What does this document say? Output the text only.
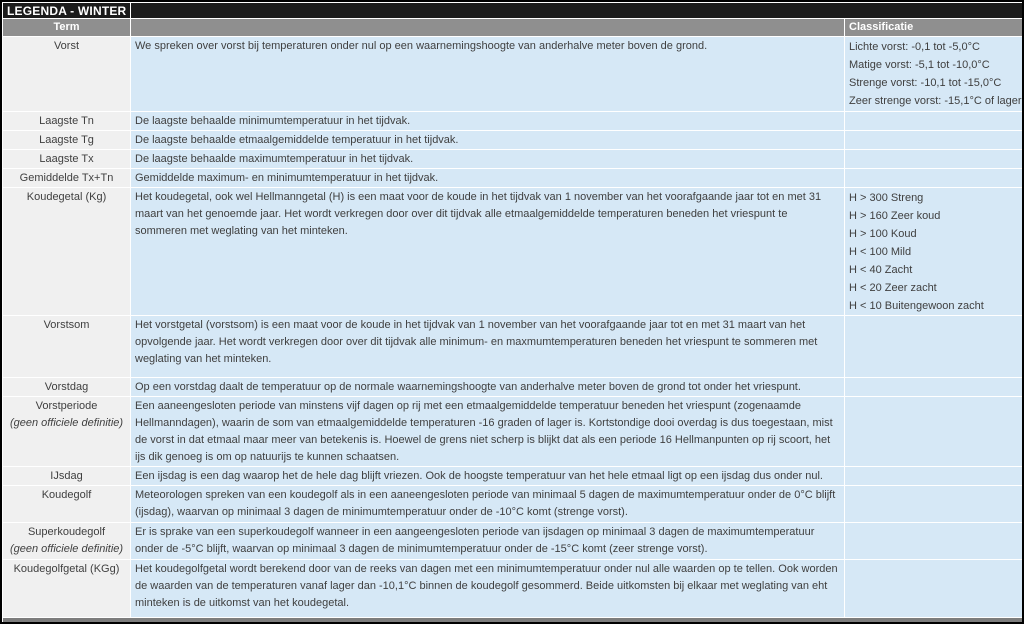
LEGENDA - WINTER		
Term		Classificatie

Vorst	We spreken over vorst bij temperaturen onder nul op een waarnemingshoogte van anderhalve meter boven de grond.	Lichte vorst: -0,1 tot -5,0°C
Matige vorst: -5,1 tot -10,0°C
Strenge vorst: -10,1 tot -15,0°C
Zeer strenge vorst: -15,1°C of lager

Laagste Tn	De laagste behaalde minimumtemperatuur in het tijdvak.	

Laagste Tg	De laagste behaalde etmaalgemiddelde temperatuur in het tijdvak.	

Laagste Tx	De laagste behaalde maximumtemperatuur in het tijdvak.	

Gemiddelde Tx+Tn	Gemiddelde maximum- en minimumtemperatuur in het tijdvak.	

Koudegetal (Kg)	Het koudegetal, ook wel Hellmanngetal (H) is een maat voor de koude in het tijdvak van 1 november van het voorafgaande jaar tot en met 31 maart van het genoemde jaar. Het wordt verkregen door over dit tijdvak alle etmaalgemiddelde temperaturen beneden het vriespunt te sommeren met weglating van het minteken.	
H > 300 Streng
H > 160 Zeer koud
H > 100 Koud
H < 100 Mild
H < 40 Zacht
H < 20 Zeer zacht
H < 10 Buitengewoon zacht

Vorstsom	Het vorstgetal (vorstsom) is een maat voor de koude in het tijdvak van 1 november van het voorafgaande jaar tot en met 31 maart van het opvolgende jaar. Het wordt verkregen door over dit tijdvak alle minimum- en maxmumtemperaturen beneden het vriespunt te sommeren met weglating van het minteken.	

Vorstdag	Op een vorstdag daalt de temperatuur op de normale waarnemingshoogte van anderhalve meter boven de grond tot onder het vriespunt.	

Vorstperiode
(geen officiele definitie)	Een aaneengesloten periode van minstens vijf dagen op rij met een etmaalgemiddelde temperatuur beneden het vriespunt (zogenaamde Hellmanndagen), waarin de som van etmaalgemiddelde temperaturen -16 graden of lager is. Kortstondige dooi overdag is dus toegestaan, mist de vorst in dat etmaal maar meer van betekenis is. Hoewel de grens niet scherp is blijkt dat als een periode 16 Hellmanpunten op rij scoort, het ijs dik genoeg is om op natuurijs te kunnen schaatsen.	

IJsdag	Een ijsdag is een dag waarop het de hele dag blijft vriezen. Ook de hoogste temperatuur van het hele etmaal ligt op een ijsdag dus onder nul.	

Koudegolf	Meteorologen spreken van een koudegolf als in een aaneengesloten periode van minimaal 5 dagen de maximumtemperatuur onder de 0°C blijft (ijsdag), waarvan op minimaal 3 dagen de minimumtemperatuur onder de -10°C komt (strenge vorst).	

Superkoudegolf
(geen officiele definitie)	Er is sprake van een superkoudegolf wanneer in een aangeengesloten periode van ijsdagen op minimaal 3 dagen de maximumtemperatuur onder de -5°C blijft, waarvan op minimaal 3 dagen de minimumtemperatuur onder de -15°C komt (zeer strenge vorst).	

Koudegolfgetal (KGg)	Het koudegolfgetal wordt berekend door van de reeks van dagen met een minimumtemperatuur onder nul alle waarden op te tellen. Ook worden de waarden van de temperaturen vanaf lager dan -10,1°C binnen de koudegolf gesommerd. Beide uitkomsten bij elkaar met weglating van eht minteken is de uitkomst van het koudegetal.	
